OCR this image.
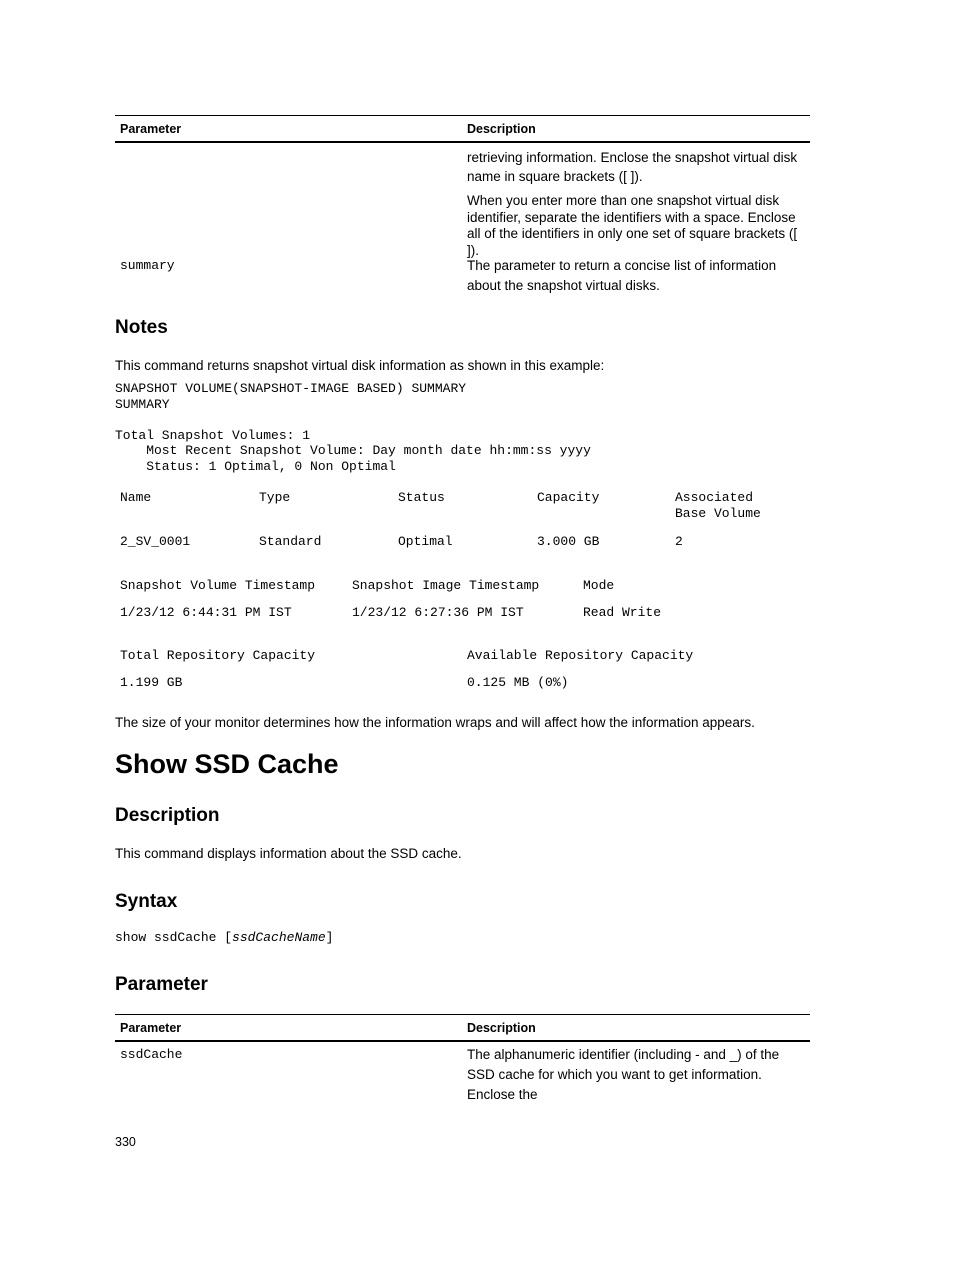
Parameter	Description

retrieving information. Enclose the snapshot virtual disk name in square brackets ([ ]).

When you enter more than one snapshot virtual disk identifier, separate the identifiers with a space. Enclose all of the identifiers in only one set of square brackets ([ ]).

summary	The parameter to return a concise list of information about the snapshot virtual disks.
Notes

This command returns snapshot virtual disk information as shown in this example:

SNAPSHOT VOLUME(SNAPSHOT-IMAGE BASED) SUMMARY
SUMMARY

Total Snapshot Volumes: 1
Most Recent Snapshot Volume: Day month date hh:mm:ss yyyy
Status: 1 Optimal, 0 Non Optimal
Name	Type	Status	Capacity	Associated
Base Volume
2_SV_0001	Standard	Optimal	3.000 GB	2
Snapshot Volume Timestamp	Snapshot Image Timestamp	Mode
1/23/12 6:44:31 PM IST	1/23/12 6:27:36 PM IST	Read Write
Total Repository Capacity	Available Repository Capacity
1.199 GB	0.125 MB (0%)

The size of your monitor determines how the information wraps and will affect how the information appears.

Show SSD Cache
Description

This command displays information about the SSD cache.

Syntax
show ssdCache [ssdCacheName]
Parameter
Parameter	Description
ssdCache	The alphanumeric identifier (including - and _) of the SSD cache for which you want to get information. Enclose the
330
